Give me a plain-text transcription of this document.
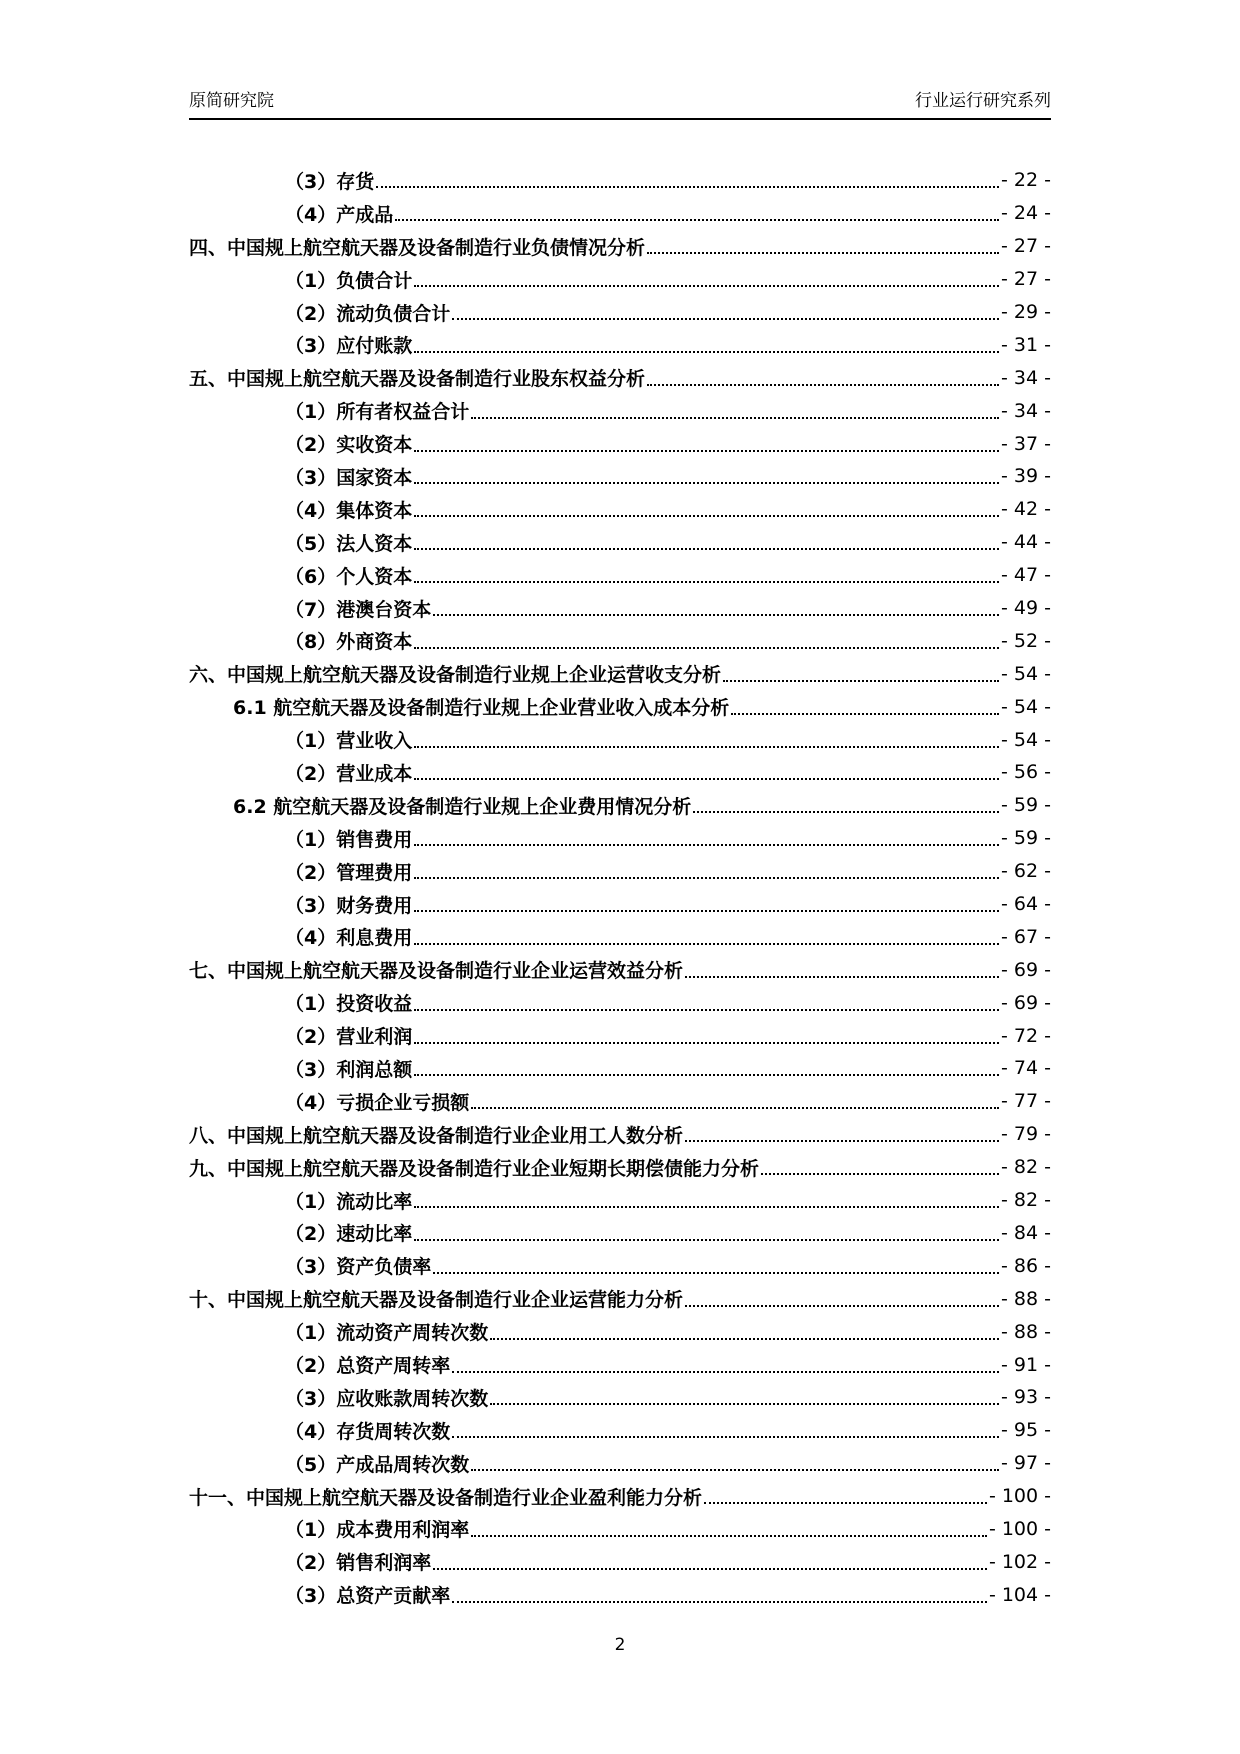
原简研究院	行业运行研究系列
（3）存货	- 22 -
（4）产成品	- 24 -
四、中国规上航空航天器及设备制造行业负债情况分析	- 27 -
（1）负债合计	- 27 -
（2）流动负债合计	- 29 -
（3）应付账款	- 31 -
五、中国规上航空航天器及设备制造行业股东权益分析	- 34 -
（1）所有者权益合计	- 34 -
（2）实收资本	- 37 -
（3）国家资本	- 39 -
（4）集体资本	- 42 -
（5）法人资本	- 44 -
（6）个人资本	- 47 -
（7）港澳台资本	- 49 -
（8）外商资本	- 52 -
六、中国规上航空航天器及设备制造行业规上企业运营收支分析	- 54 -
6.1 航空航天器及设备制造行业规上企业营业收入成本分析	- 54 -
（1）营业收入	- 54 -
（2）营业成本	- 56 -
6.2 航空航天器及设备制造行业规上企业费用情况分析	- 59 -
（1）销售费用	- 59 -
（2）管理费用	- 62 -
（3）财务费用	- 64 -
（4）利息费用	- 67 -
七、中国规上航空航天器及设备制造行业企业运营效益分析	- 69 -
（1）投资收益	- 69 -
（2）营业利润	- 72 -
（3）利润总额	- 74 -
（4）亏损企业亏损额	- 77 -
八、中国规上航空航天器及设备制造行业企业用工人数分析	- 79 -
九、中国规上航空航天器及设备制造行业企业短期长期偿债能力分析	- 82 -
（1）流动比率	- 82 -
（2）速动比率	- 84 -
（3）资产负债率	- 86 -
十、中国规上航空航天器及设备制造行业企业运营能力分析	- 88 -
（1）流动资产周转次数	- 88 -
（2）总资产周转率	- 91 -
（3）应收账款周转次数	- 93 -
（4）存货周转次数	- 95 -
（5）产成品周转次数	- 97 -
十一、中国规上航空航天器及设备制造行业企业盈利能力分析	- 100 -
（1）成本费用利润率	- 100 -
（2）销售利润率	- 102 -
（3）总资产贡献率	- 104 -
2
